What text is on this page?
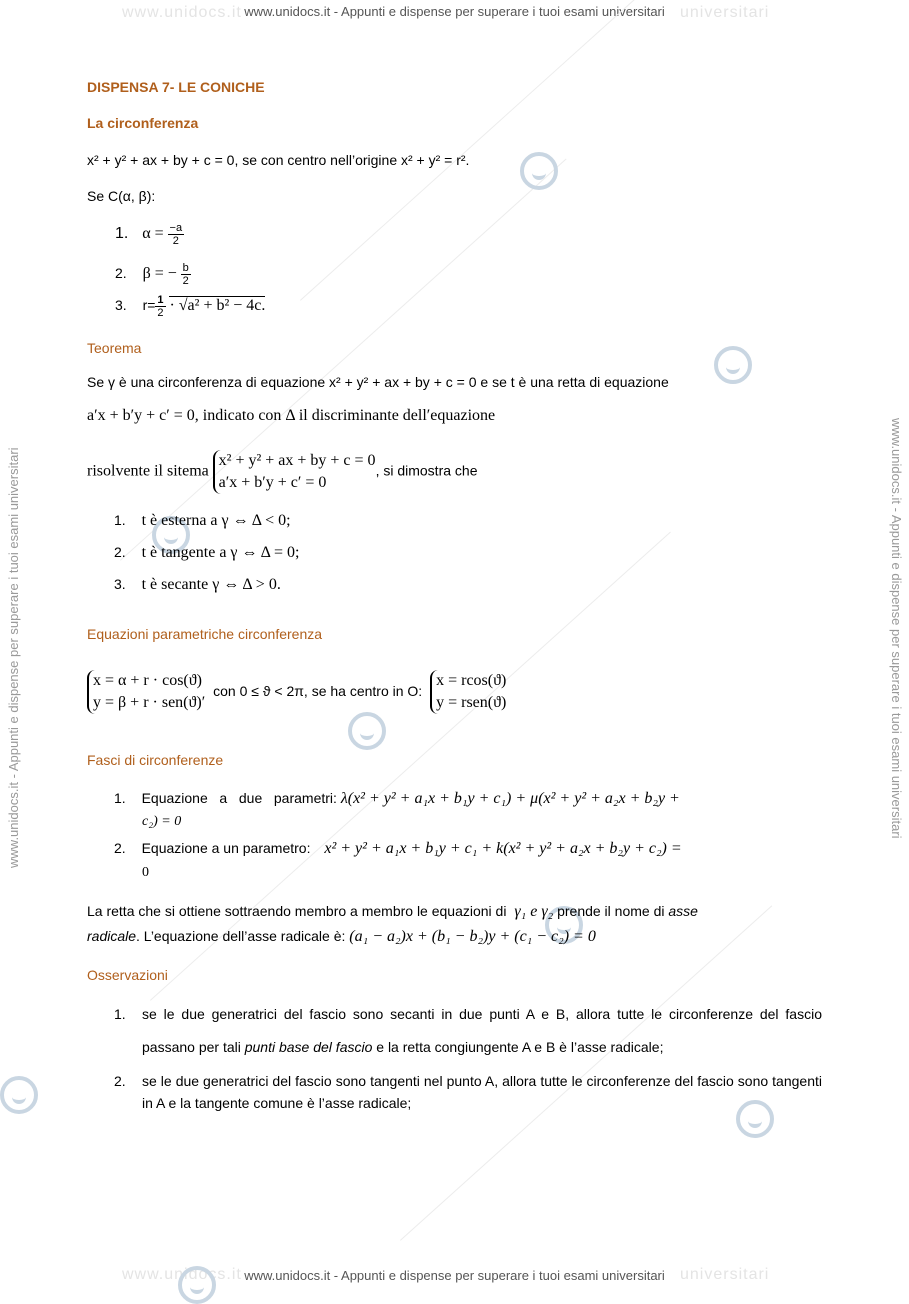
www.unidocs.it	universitari
www.unidocs.it - Appunti e dispense per superare i tuoi esami universitari
www.unidocs.it	universitari
www.unidocs.it - Appunti e dispense per superare i tuoi esami universitari
www.unidocs.it - Appunti e dispense per superare i tuoi esami universitari	www.unidocs.it - Appunti e dispense per superare i tuoi esami universitari
DISPENSA 7- LE CONICHE
La circonferenza
x² + y² + ax + by + c = 0, se con centro nell’origine x² + y² = r².
Se C(α, β):
1. $\alpha = \frac{-a}{2}$
2. β = − $\frac{b}{2}$
3. $r= \frac{1}{2} \cdot √a^2 + b^2 - 4c$.
Teorema
Se γ è una circonferenza di equazione x² + y² + ax + by + c = 0 e se t è una retta di equazione
a′x + b′y + c′ = 0, indicato con Δ il discriminante dell′equazione
risolvente il sitema
x² + y² + ax + by + c = 0
a′x + b′y + c′ = 0
, si dimostra che
1. t è esterna a γ ⇔ Δ < 0;
2. t è tangente a γ ⇔ Δ = 0;
3. t è secante γ ⇔ Δ > 0.
Equazioni parametriche circonferenza
x = α + r · cos(ϑ)
y = β + r · sen(ϑ)′
con 0 ≤ ϑ < 2π, se ha centro in O:
x = rcos(ϑ)
y = rsen(ϑ)
Fasci di circonferenze
1. Equazione   a   due   parametri: λ(x² + y² + a₁x + b₁y + c₁) + μ(x² + y² + a₂x + b₂y +
c₂) = 0
2. Equazione a un parametro: x² + y² + a₁x + b₁y + c₁ + k(x² + y² + a₂x + b₂y + c₂) =
0
La retta che si ottiene sottraendo membro a membro le equazioni di γ₁ e γ₂ prende il nome di asse
radicale. L’equazione dell’asse radicale è: (a₁ − a₂)x + (b₁ − b₂)y + (c₁ − c₂) = 0
Osservazioni
1. se le due generatrici del fascio sono secanti in due punti A e B, allora tutte le circonferenze del fascio passano per tali punti base del fascio e la retta congiungente A e B è l’asse radicale;
2. se le due generatrici del fascio sono tangenti nel punto A, allora tutte le circonferenze del fascio sono tangenti in A e la tangente comune è l’asse radicale;
